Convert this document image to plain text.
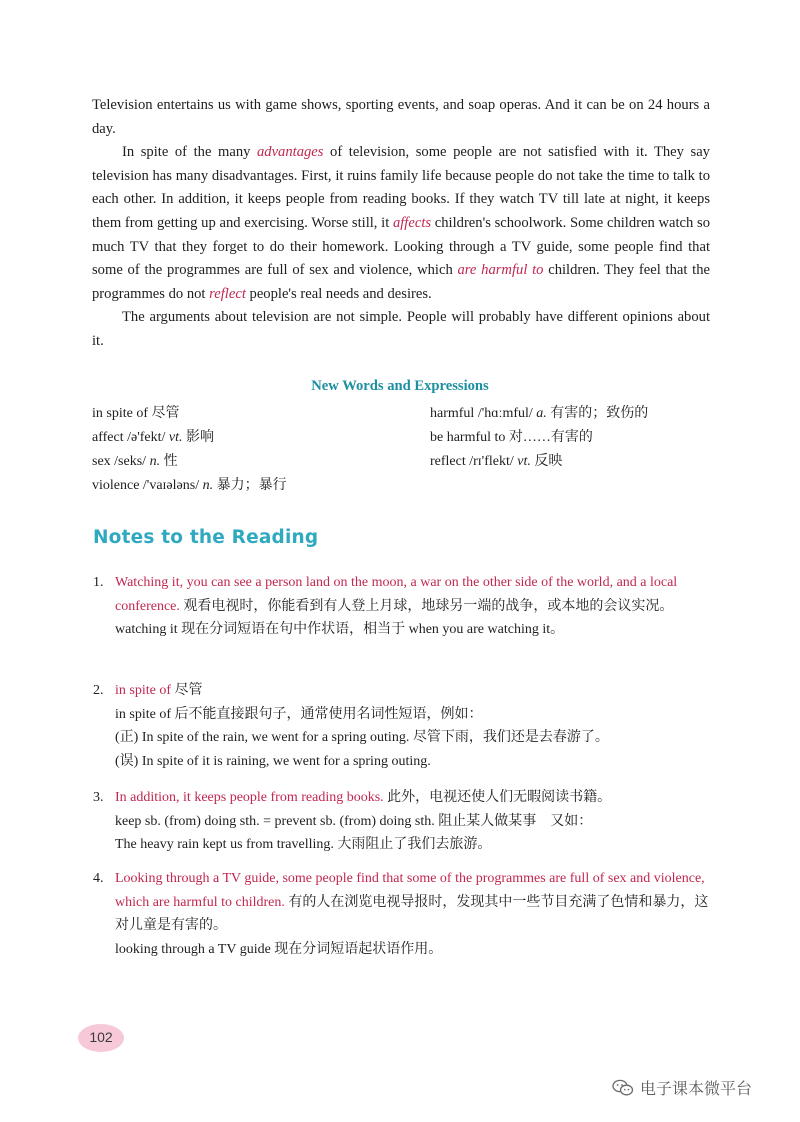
Television entertains us with game shows, sporting events, and soap operas. And it can be on 24 hours a day.

In spite of the many advantages of television, some people are not satisfied with it. They say television has many disadvantages. First, it ruins family life because people do not take the time to talk to each other. In addition, it keeps people from reading books. If they watch TV till late at night, it keeps them from getting up and exercising. Worse still, it affects children's schoolwork. Some children watch so much TV that they forget to do their homework. Looking through a TV guide, some people find that some of the programmes are full of sex and violence, which are harmful to children. They feel that the programmes do not reflect people's real needs and desires.

The arguments about television are not simple. People will probably have different opinions about it.

New Words and Expressions
in spite of 尽管
affect /ə'fekt/ vt. 影响
sex /seks/ n. 性
violence /'vaɪələns/ n. 暴力；暴行
harmful /'hɑːmful/ a. 有害的；致伤的
be harmful to 对……有害的
reflect /rɪ'flekt/ vt. 反映
Notes to the Reading
1. Watching it, you can see a person land on the moon, a war on the other side of the world, and a local conference. 观看电视时，你能看到有人登上月球，地球另一端的战争，或本地的会议实况。

watching it 现在分词短语在句中作状语，相当于 when you are watching it。

2. in spite of 尽管

in spite of 后不能直接跟句子，通常使用名词性短语，例如：

(正) In spite of the rain, we went for a spring outing. 尽管下雨，我们还是去春游了。

(误) In spite of it is raining, we went for a spring outing.

3. In addition, it keeps people from reading books. 此外，电视还使人们无暇阅读书籍。

keep sb. (from) doing sth. = prevent sb. (from) doing sth. 阻止某人做某事　又如：

The heavy rain kept us from travelling. 大雨阻止了我们去旅游。

4. Looking through a TV guide, some people find that some of the programmes are full of sex and violence, which are harmful to children. 有的人在浏览电视导报时，发现其中一些节目充满了色情和暴力，这对儿童是有害的。

looking through a TV guide 现在分词短语起状语作用。

102
电子课本微平台
